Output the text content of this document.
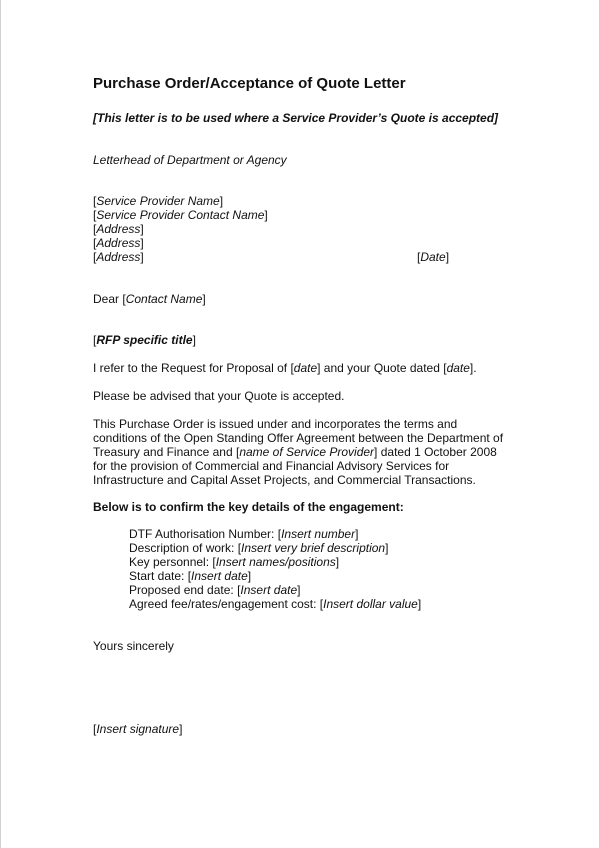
Purchase Order/Acceptance of Quote Letter
[This letter is to be used where a Service Provider’s Quote is accepted]
Letterhead of Department or Agency
[Service Provider Name]
[Service Provider Contact Name]
[Address]
[Address]
[Address]	[Date]
Dear [Contact Name]
[RFP specific title]
I refer to the Request for Proposal of [date] and your Quote dated [date].
Please be advised that your Quote is accepted.
This Purchase Order is issued under and incorporates the terms and
conditions of the Open Standing Offer Agreement between the Department of
Treasury and Finance and [name of Service Provider] dated 1 October 2008
for the provision of Commercial and Financial Advisory Services for
Infrastructure and Capital Asset Projects, and Commercial Transactions.
Below is to confirm the key details of the engagement:
DTF Authorisation Number: [Insert number]
Description of work: [Insert very brief description]
Key personnel: [Insert names/positions]
Start date: [Insert date]
Proposed end date: [Insert date]
Agreed fee/rates/engagement cost: [Insert dollar value]
Yours sincerely
[Insert signature]
